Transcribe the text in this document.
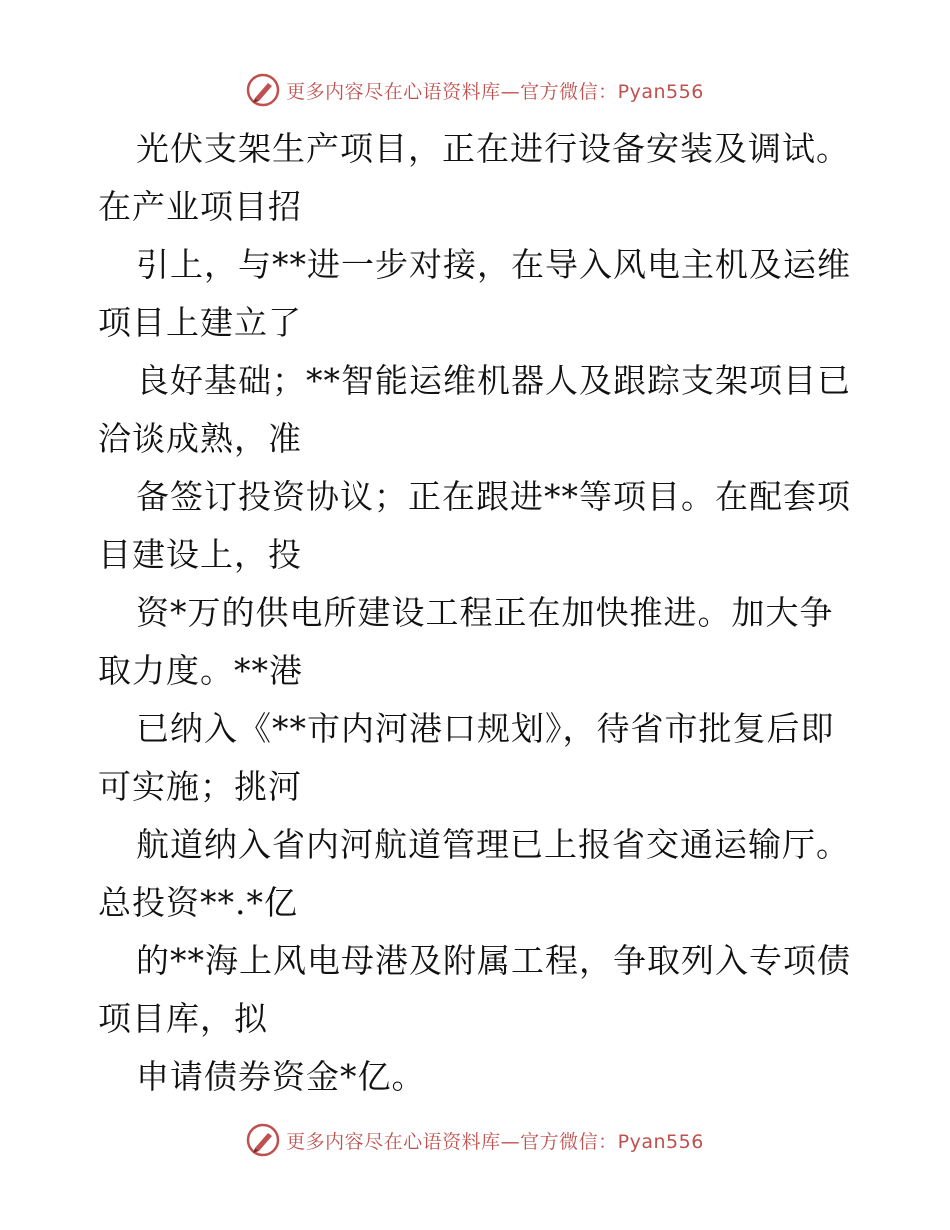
更多内容尽在心语资料库—官方微信：Pyan556
光伏支架生产项目，正在进行设备安装及调试。
在产业项目招
引上，与**进一步对接，在导入风电主机及运维
项目上建立了
良好基础；**智能运维机器人及跟踪支架项目已
洽谈成熟，准
备签订投资协议；正在跟进**等项目。在配套项
目建设上，投
资*万的供电所建设工程正在加快推进。加大争
取力度。**港
已纳入《**市内河港口规划》，待省市批复后即
可实施；挑河
航道纳入省内河航道管理已上报省交通运输厅。
总投资**.*亿
的**海上风电母港及附属工程，争取列入专项债
项目库，拟
申请债券资金*亿。
更多内容尽在心语资料库—官方微信：Pyan556
